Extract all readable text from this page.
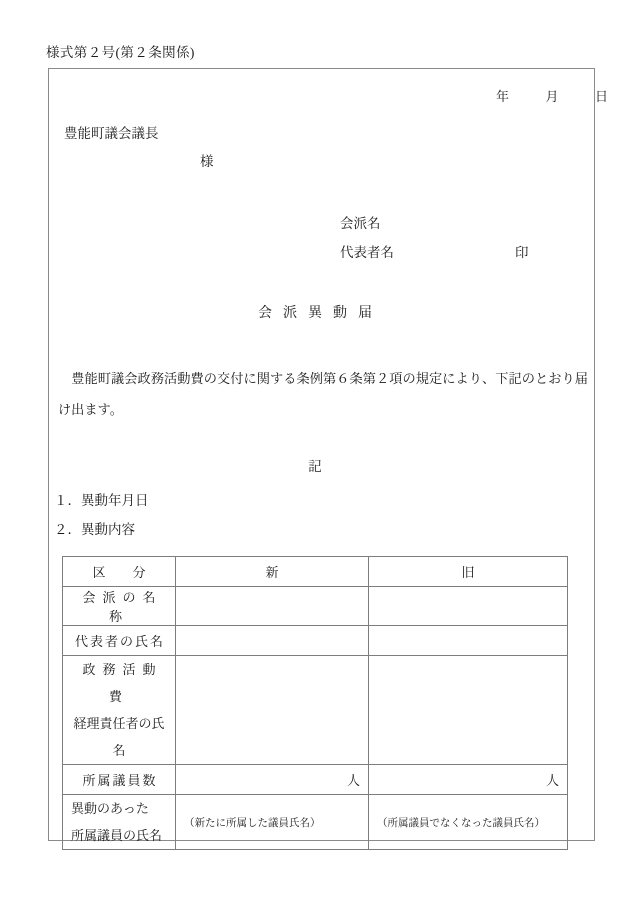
様式第２号(第２条関係)
年	月	日
豊能町議会議長
様
会派名
代表者名	印
会派異動届
豊能町議会政務活動費の交付に関する条例第６条第２項の規定により、下記のとおり届け出ます。
記
１．異動年月日
２．異動内容
区　分	新	旧
会派の名称		
代表者の氏名		

政務活動費
経理責任者の氏名		

所属議員数	人	人

異動のあった
所属議員の氏名	（新たに所属した議員氏名）	（所属議員でなくなった議員氏名）
